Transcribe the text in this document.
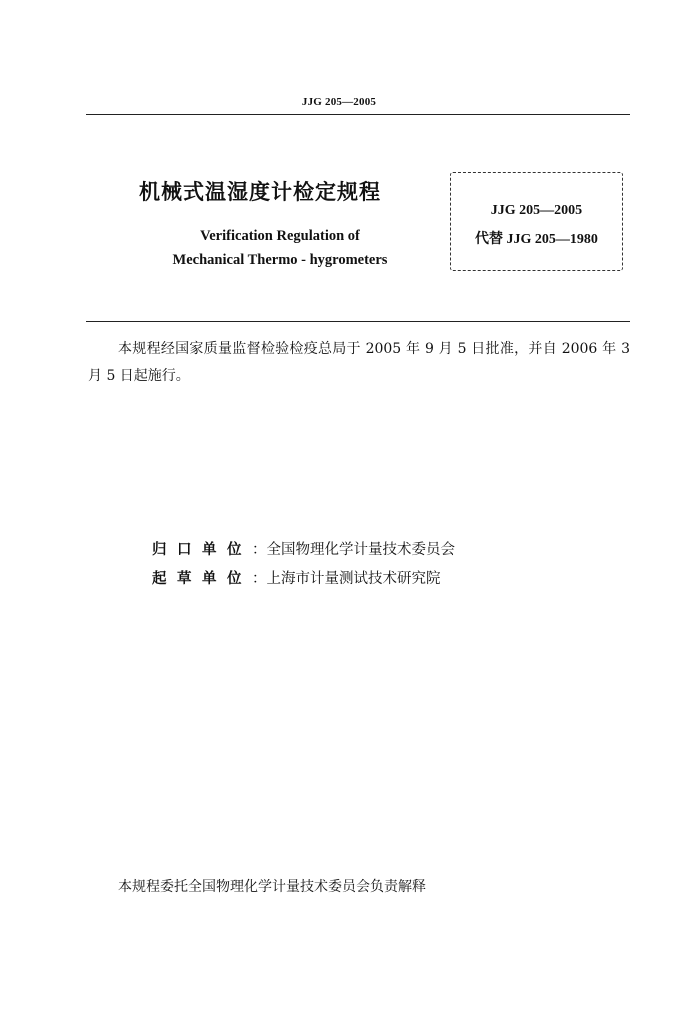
JJG 205—2005
机械式温湿度计检定规程
Verification Regulation of
Mechanical Thermo - hygrometers
JJG 205—2005
代替 JJG 205—1980
本规程经国家质量监督检验检疫总局于 2005 年 9 月 5 日批准，并自 2006 年 3 月 5 日起施行。
归 口 单 位 ：全国物理化学计量技术委员会
起 草 单 位 ：上海市计量测试技术研究院
本规程委托全国物理化学计量技术委员会负责解释
